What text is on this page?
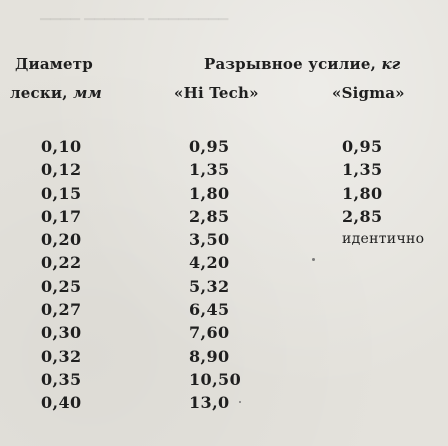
▁▁▁▁ ▁▁▁▁▁▁ ▁▁▁▁▁▁▁▁
Диаметр
лески, мм
Разрывное усилие, кг
«Hi Tech»	«Sigma»
0,10
0,12
0,15
0,17
0,20
0,22
0,25
0,27
0,30
0,32
0,35
0,40
0,95
1,35
1,80
2,85
3,50
4,20
5,32
6,45
7,60
8,90
10,50
13,0
0,95
1,35
1,80
2,85
идентично
